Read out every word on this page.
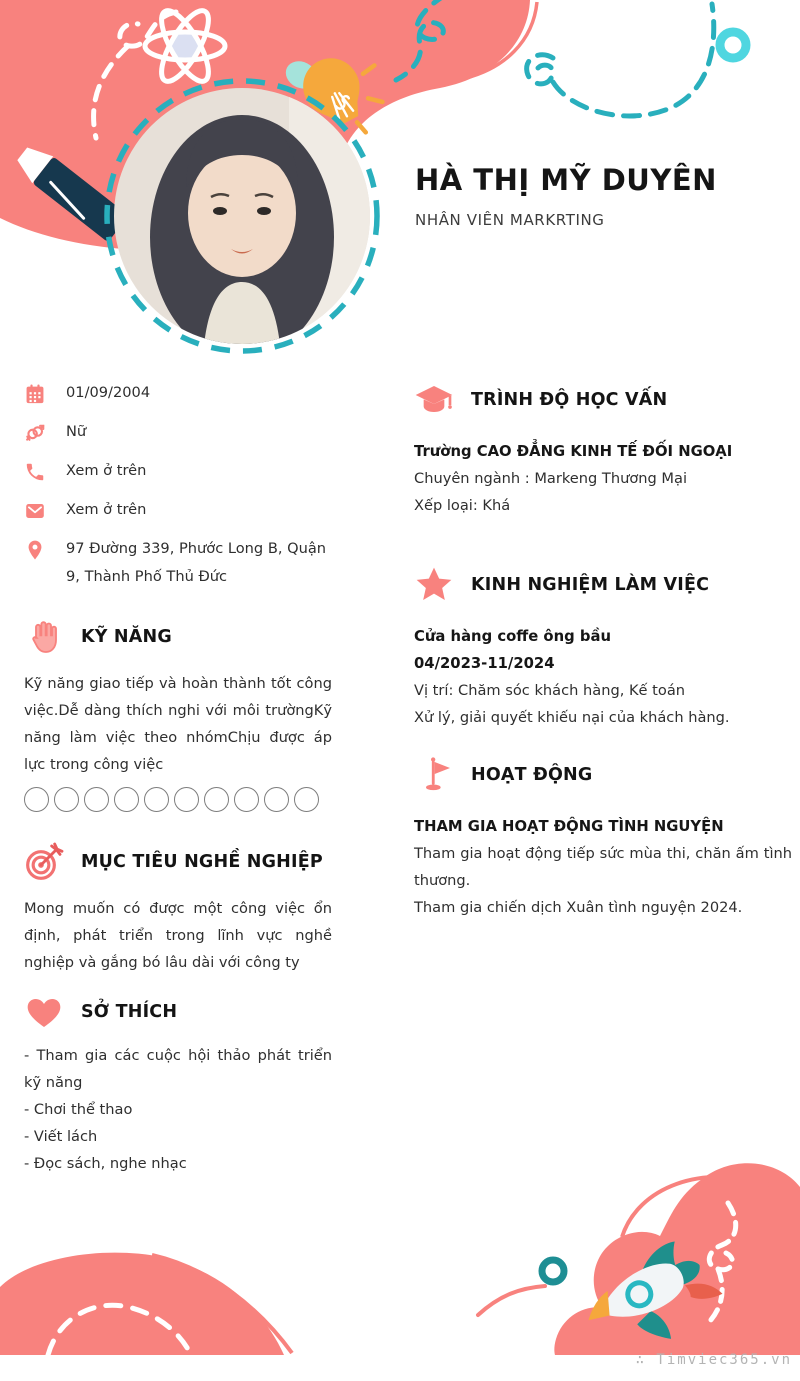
HÀ THỊ MỸ DUYÊN
NHÂN VIÊN MARKRTING
01/09/2004
Nữ
Xem ở trên
Xem ở trên
97 Đường 339, Phước Long B, Quận 9, Thành Phố Thủ Đức
KỸ NĂNG
Kỹ năng giao tiếp và hoàn thành tốt công việc.Dễ dàng thích nghi với môi trườngKỹ năng làm việc theo nhómChịu được áp lực trong công việc
MỤC TIÊU NGHỀ NGHIỆP
Mong muốn có được một công việc ổn định, phát triển trong lĩnh vực nghề nghiệp và gắng bó lâu dài với công ty
SỞ THÍCH
- Tham gia các cuộc hội thảo phát triển kỹ năng
- Chơi thể thao
- Viết lách
- Đọc sách, nghe nhạc
TRÌNH ĐỘ HỌC VẤN
Trường CAO ĐẲNG KINH TẾ ĐỐI NGOẠI
Chuyên ngành : Markeng Thương Mại
Xếp loại: Khá
KINH NGHIỆM LÀM VIỆC
Cửa hàng coffe ông bầu
04/2023-11/2024
Vị trí: Chăm sóc khách hàng, Kế toán
Xử lý, giải quyết khiếu nại của khách hàng.
HOẠT ĐỘNG
THAM GIA HOẠT ĐỘNG TÌNH NGUYỆN
Tham gia hoạt động tiếp sức mùa thi, chăn ấm tình thương.
Tham gia chiến dịch Xuân tình nguyện 2024.
∴ Timviec365.vn
